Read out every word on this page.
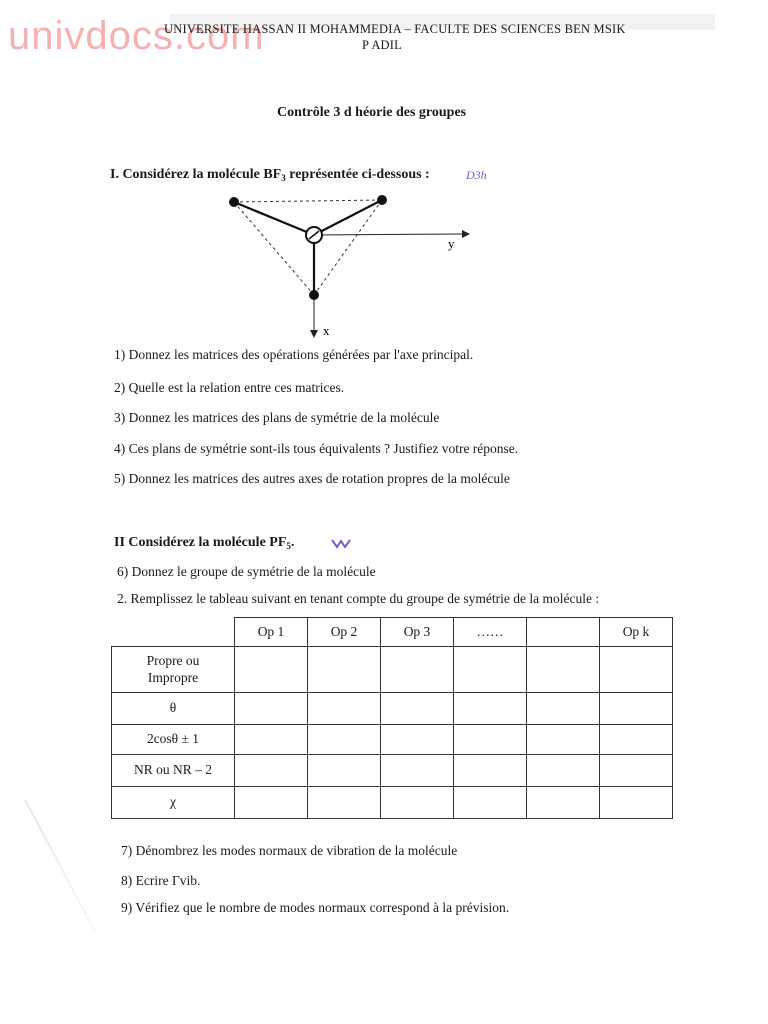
univdocs.com
UNIVERSITE HASSAN II MOHAMMEDIA – FACULTE DES SCIENCES BEN MSIK
P ADIL
Contrôle 3 d héorie des groupes
I. Considérez la molécule $BF_3$ représentée ci-dessous :	D3h
y
x
1) Donnez les matrices des opérations générées par l'axe principal.
2) Quelle est la relation entre ces matrices.
3) Donnez les matrices des plans de symétrie de la molécule
4) Ces plans de symétrie sont-ils tous équivalents ? Justifiez votre réponse.
5) Donnez les matrices des autres axes de rotation propres de la molécule
II Considérez la molécule $PF_5$.
6) Donnez le groupe de symétrie de la molécule
2. Remplissez le tableau suivant en tenant compte du groupe de symétrie de la molécule :
	Op 1	Op 2	Op 3	……		Op k
Propre ou Impropre						
θ						
2cosθ ± 1						
NR ou NR – 2						
χ						
7) Dénombrez les modes normaux de vibration de la molécule
8) Ecrire Γvib.
9) Vérifiez que le nombre de modes normaux correspond à la prévision.
